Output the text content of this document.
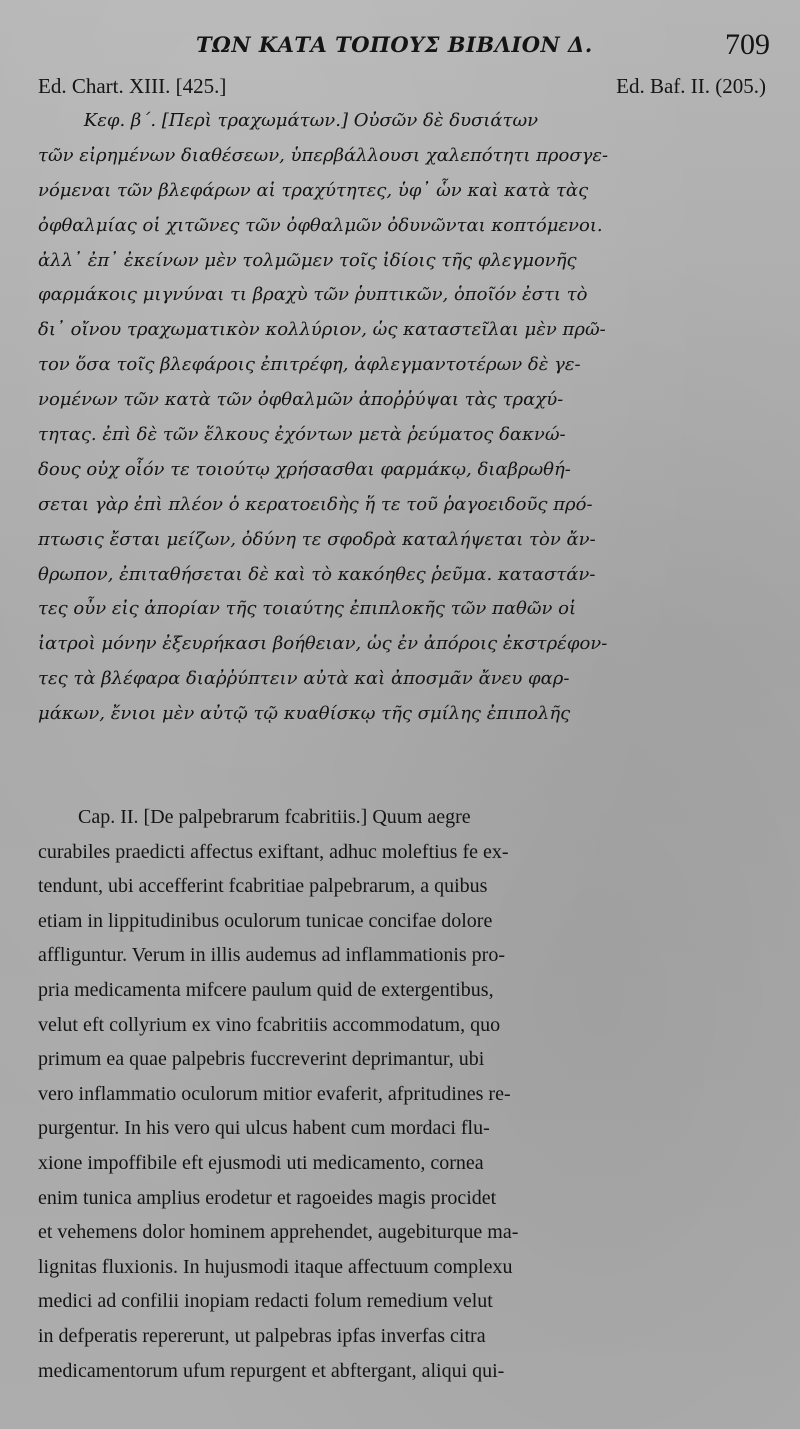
ΤΩΝ ΚΑΤΑ ΤΟΠΟΥΣ ΒΙΒΛΙΟΝ Δ.	709
Ed. Chart. XIII. [425.]	Ed. Baf. II. (205.)
Κεφ. β΄. [Περὶ τραχωμάτων.] Οὐσῶν δὲ δυσιάτων
τῶν εἰρημένων διαθέσεων, ὑπερβάλλουσι χαλεπότητι προσγε-
νόμεναι τῶν βλεφάρων αἱ τραχύτητες, ὑφ᾽ ὧν καὶ κατὰ τὰς
ὀφθαλμίας οἱ χιτῶνες τῶν ὀφθαλμῶν ὀδυνῶνται κοπτόμενοι.
ἀλλ᾽ ἐπ᾽ ἐκείνων μὲν τολμῶμεν τοῖς ἰδίοις τῆς φλεγμονῆς
φαρμάκοις μιγνύναι τι βραχὺ τῶν ῥυπτικῶν, ὁποῖόν ἐστι τὸ
δι᾽ οἴνου τραχωματικὸν κολλύριον, ὡς καταστεῖλαι μὲν πρῶ-
τον ὅσα τοῖς βλεφάροις ἐπιτρέφη, ἀφλεγμαντοτέρων δὲ γε-
νομένων τῶν κατὰ τῶν ὀφθαλμῶν ἀποῤῥύψαι τὰς τραχύ-
τητας. ἐπὶ δὲ τῶν ἕλκους ἐχόντων μετὰ ῥεύματος δακνώ-
δους οὐχ οἷόν τε τοιούτῳ χρήσασθαι φαρμάκῳ, διαβρωθή-
σεται γὰρ ἐπὶ πλέον ὁ κερατοειδὴς ἥ τε τοῦ ῥαγοειδοῦς πρό-
πτωσις ἔσται μείζων, ὀδύνη τε σφοδρὰ καταλήψεται τὸν ἄν-
θρωπον, ἐπιταθήσεται δὲ καὶ τὸ κακόηθες ῥεῦμα. καταστάν-
τες οὖν εἰς ἀπορίαν τῆς τοιαύτης ἐπιπλοκῆς τῶν παθῶν οἱ
ἰατροὶ μόνην ἐξευρήκασι βοήθειαν, ὡς ἐν ἀπόροις ἐκστρέφον-
τες τὰ βλέφαρα διαῤῥύπτειν αὐτὰ καὶ ἀποσμᾶν ἄνευ φαρ-
μάκων, ἔνιοι μὲν αὐτῷ τῷ κυαθίσκῳ τῆς σμίλης ἐπιπολῆς
Cap. II. [De palpebrarum fcabritiis.] Quum aegre
curabiles praedicti affectus exiftant, adhuc moleftius fe ex-
tendunt, ubi accefferint fcabritiae palpebrarum, a quibus
etiam in lippitudinibus oculorum tunicae concifae dolore
affliguntur. Verum in illis audemus ad inflammationis pro-
pria medicamenta mifcere paulum quid de extergentibus,
velut eft collyrium ex vino fcabritiis accommodatum, quo
primum ea quae palpebris fuccreverint deprimantur, ubi
vero inflammatio oculorum mitior evaferit, afpritudines re-
purgentur. In his vero qui ulcus habent cum mordaci flu-
xione impoffibile eft ejusmodi uti medicamento, cornea
enim tunica amplius erodetur et ragoeides magis procidet
et vehemens dolor hominem apprehendet, augebiturque ma-
lignitas fluxionis. In hujusmodi itaque affectuum complexu
medici ad confilii inopiam redacti folum remedium velut
in defperatis repererunt, ut palpebras ipfas inverfas citra
medicamentorum ufum repurgent et abftergant, aliqui qui-
